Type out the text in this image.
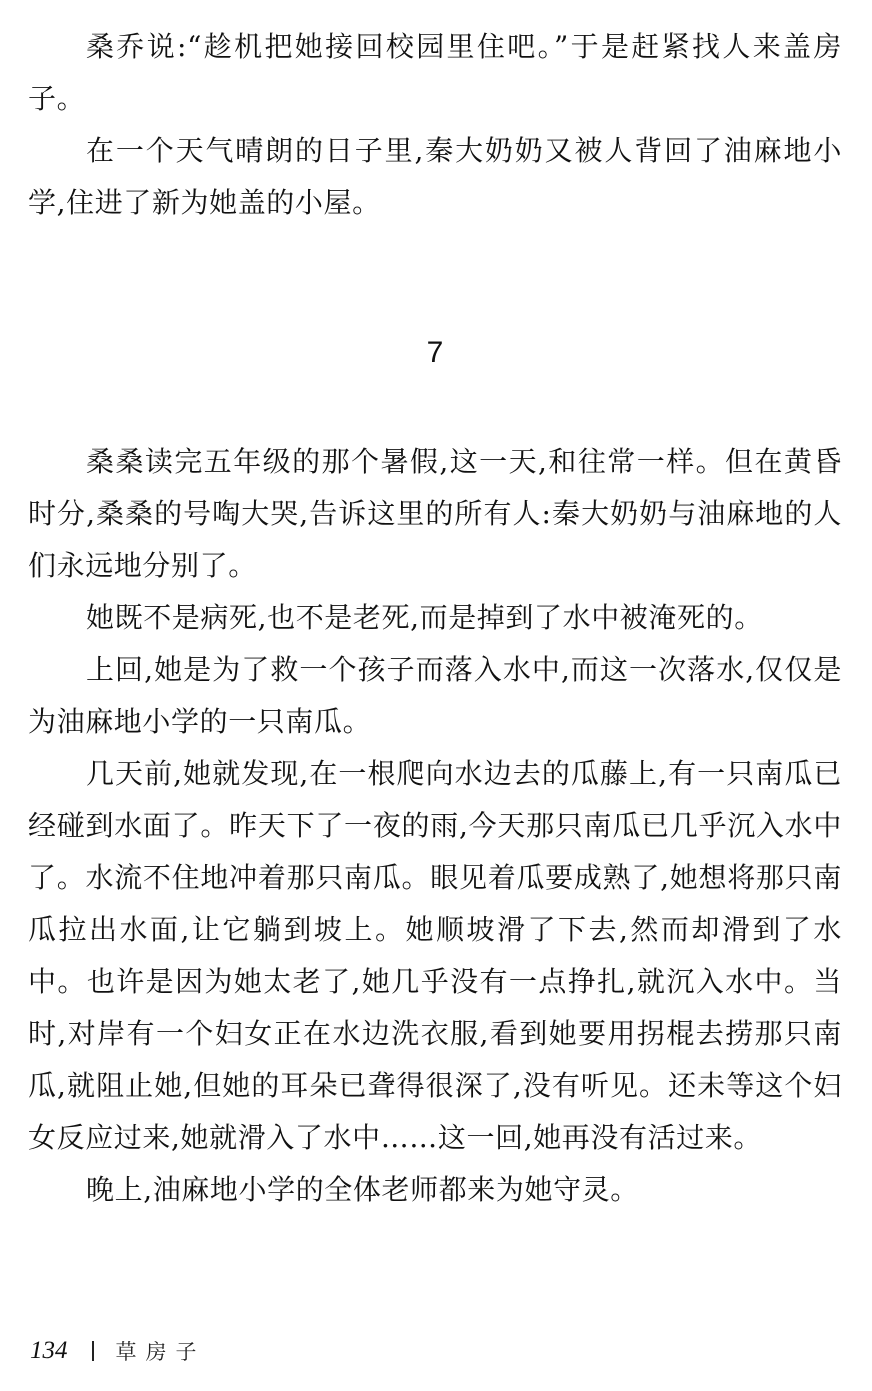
桑乔说:“趁机把她接回校园里住吧。”于是赶紧找人来盖房子。

在一个天气晴朗的日子里,秦大奶奶又被人背回了油麻地小学,住进了新为她盖的小屋。

7

桑桑读完五年级的那个暑假,这一天,和往常一样。但在黄昏时分,桑桑的号啕大哭,告诉这里的所有人:秦大奶奶与油麻地的人们永远地分别了。

她既不是病死,也不是老死,而是掉到了水中被淹死的。

上回,她是为了救一个孩子而落入水中,而这一次落水,仅仅是为油麻地小学的一只南瓜。

几天前,她就发现,在一根爬向水边去的瓜藤上,有一只南瓜已经碰到水面了。昨天下了一夜的雨,今天那只南瓜已几乎沉入水中了。水流不住地冲着那只南瓜。眼见着瓜要成熟了,她想将那只南瓜拉出水面,让它躺到坡上。她顺坡滑了下去,然而却滑到了水中。也许是因为她太老了,她几乎没有一点挣扎,就沉入水中。当时,对岸有一个妇女正在水边洗衣服,看到她要用拐棍去捞那只南瓜,就阻止她,但她的耳朵已聋得很深了,没有听见。还未等这个妇女反应过来,她就滑入了水中……这一回,她再没有活过来。

晚上,油麻地小学的全体老师都来为她守灵。

134 草房子
